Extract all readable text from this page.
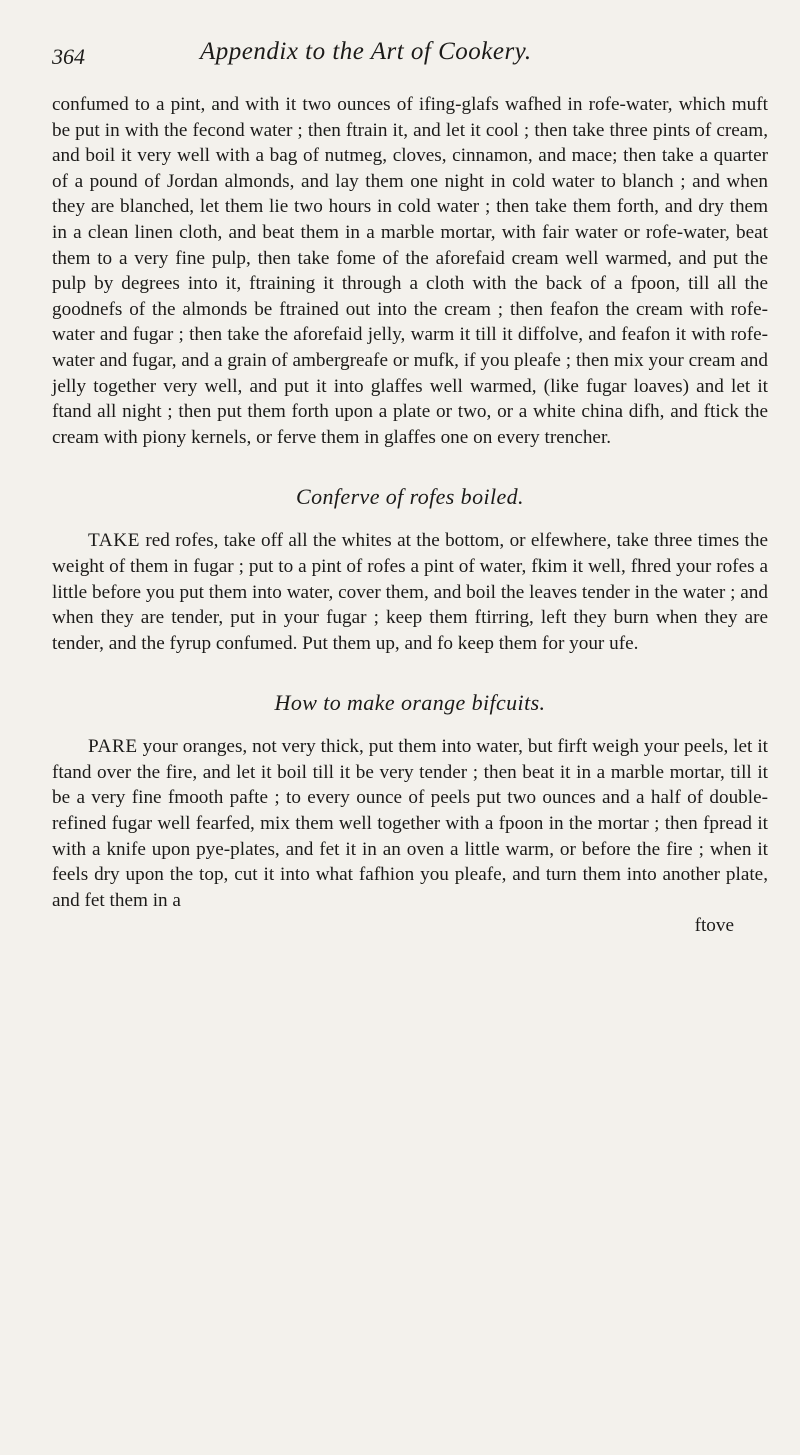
364	Appendix to the Art of Cookery.

confumed to a pint, and with it two ounces of ifing-glafs wafhed in rofe-water, which muft be put in with the fecond water ; then ftrain it, and let it cool ; then take three pints of cream, and boil it very well with a bag of nutmeg, cloves, cinnamon, and mace; then take a quarter of a pound of Jordan almonds, and lay them one night in cold water to blanch ; and when they are blanched, let them lie two hours in cold water ; then take them forth, and dry them in a clean linen cloth, and beat them in a marble mortar, with fair water or rofe-water, beat them to a very fine pulp, then take fome of the aforefaid cream well warmed, and put the pulp by degrees into it, ftraining it through a cloth with the back of a fpoon, till all the goodnefs of the almonds be ftrained out into the cream ; then feafon the cream with rofe-water and fugar ; then take the aforefaid jelly, warm it till it diffolve, and feafon it with rofe-water and fugar, and a grain of ambergreafe or mufk, if you pleafe ; then mix your cream and jelly together very well, and put it into glaffes well warmed, (like fugar loaves) and let it ftand all night ; then put them forth upon a plate or two, or a white china difh, and ftick the cream with piony kernels, or ferve them in glaffes one on every trencher.

Conferve of rofes boiled.

TAKE red rofes, take off all the whites at the bottom, or elfewhere, take three times the weight of them in fugar ; put to a pint of rofes a pint of water, fkim it well, fhred your rofes a little before you put them into water, cover them, and boil the leaves tender in the water ; and when they are tender, put in your fugar ; keep them ftirring, left they burn when they are tender, and the fyrup confumed. Put them up, and fo keep them for your ufe.

How to make orange bifcuits.

PARE your oranges, not very thick, put them into water, but firft weigh your peels, let it ftand over the fire, and let it boil till it be very tender ; then beat it in a marble mortar, till it be a very fine fmooth pafte ; to every ounce of peels put two ounces and a half of double-refined fugar well fearfed, mix them well together with a fpoon in the mortar ; then fpread it with a knife upon pye-plates, and fet it in an oven a little warm, or before the fire ; when it feels dry upon the top, cut it into what fafhion you pleafe, and turn them into another plate, and fet them in a

ftove
